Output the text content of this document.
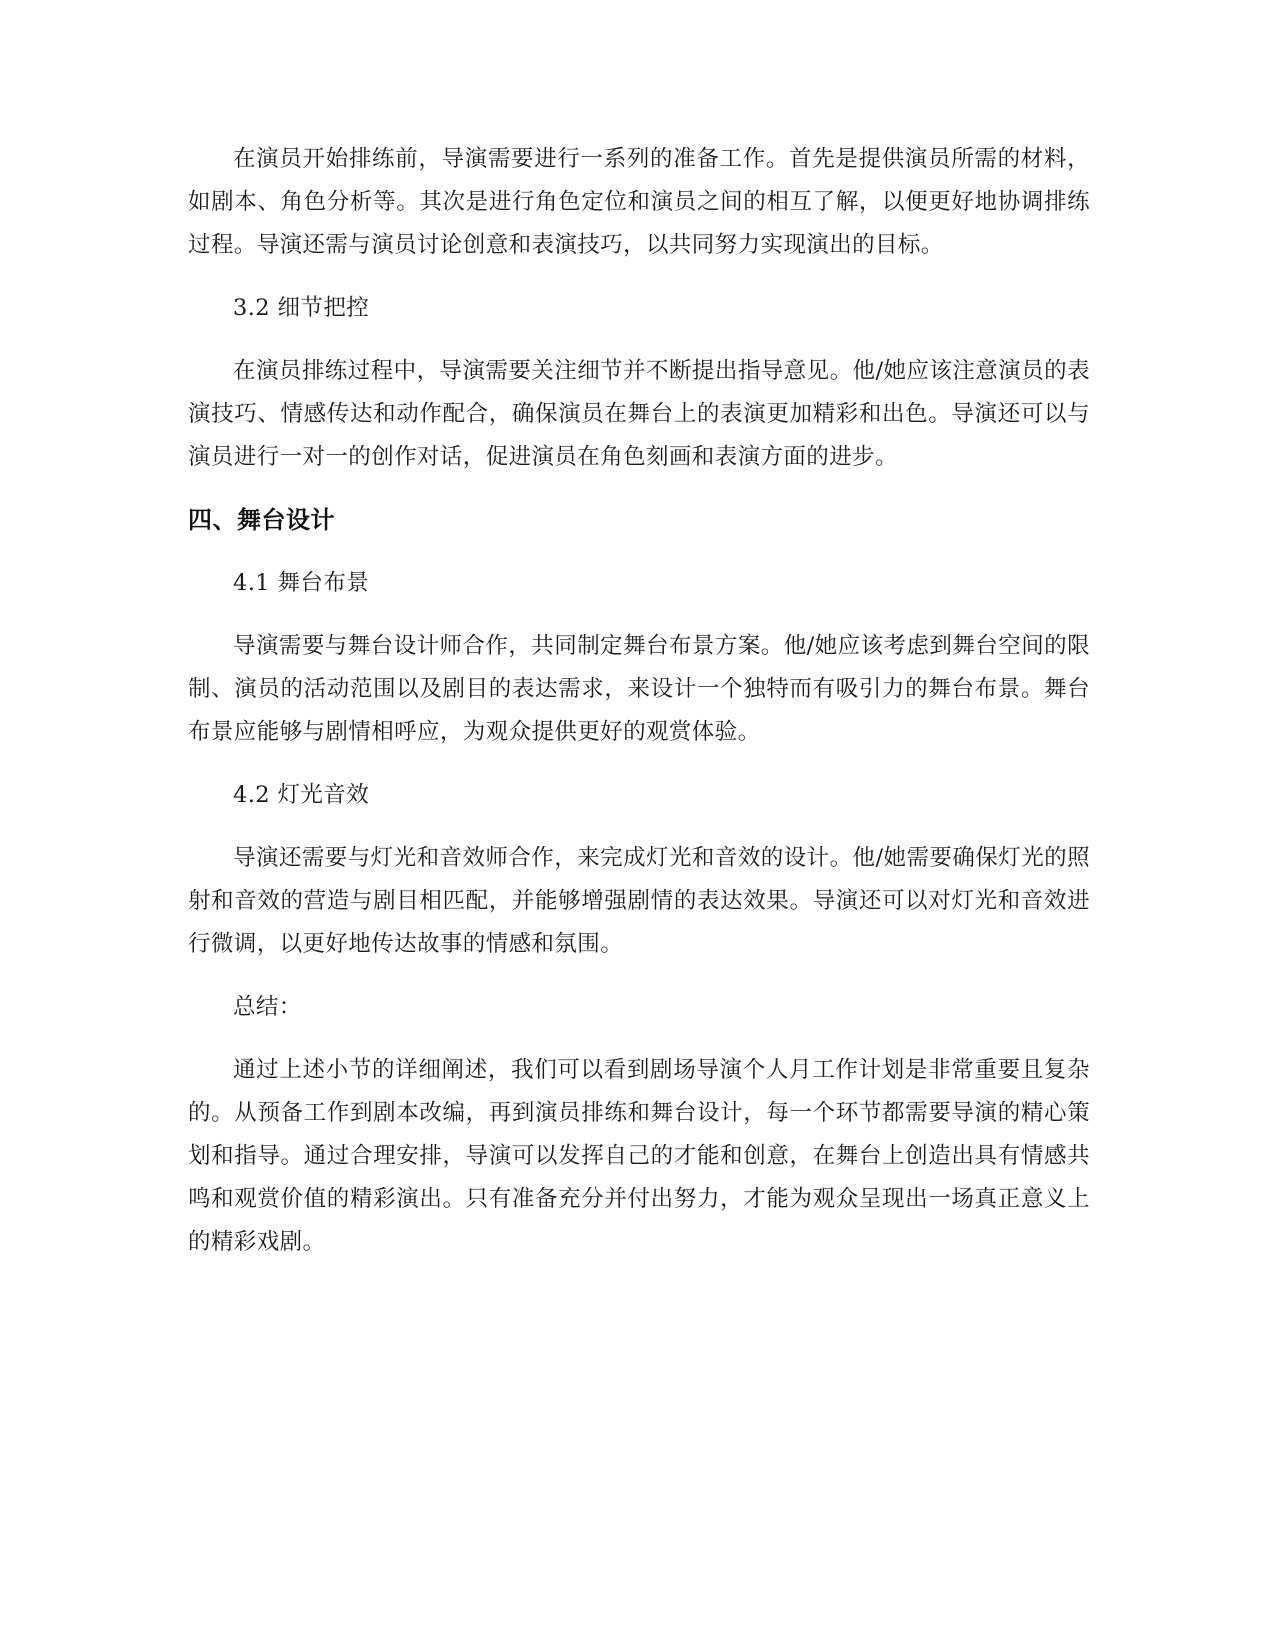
在演员开始排练前，导演需要进行一系列的准备工作。首先是提供演员所需的材料，如剧本、角色分析等。其次是进行角色定位和演员之间的相互了解，以便更好地协调排练过程。导演还需与演员讨论创意和表演技巧，以共同努力实现演出的目标。

3.2 细节把控

在演员排练过程中，导演需要关注细节并不断提出指导意见。他/她应该注意演员的表演技巧、情感传达和动作配合，确保演员在舞台上的表演更加精彩和出色。导演还可以与演员进行一对一的创作对话，促进演员在角色刻画和表演方面的进步。

四、舞台设计

4.1 舞台布景

导演需要与舞台设计师合作，共同制定舞台布景方案。他/她应该考虑到舞台空间的限制、演员的活动范围以及剧目的表达需求，来设计一个独特而有吸引力的舞台布景。舞台布景应能够与剧情相呼应，为观众提供更好的观赏体验。

4.2 灯光音效

导演还需要与灯光和音效师合作，来完成灯光和音效的设计。他/她需要确保灯光的照射和音效的营造与剧目相匹配，并能够增强剧情的表达效果。导演还可以对灯光和音效进行微调，以更好地传达故事的情感和氛围。

总结：

通过上述小节的详细阐述，我们可以看到剧场导演个人月工作计划是非常重要且复杂的。从预备工作到剧本改编，再到演员排练和舞台设计，每一个环节都需要导演的精心策划和指导。通过合理安排，导演可以发挥自己的才能和创意，在舞台上创造出具有情感共鸣和观赏价值的精彩演出。只有准备充分并付出努力，才能为观众呈现出一场真正意义上的精彩戏剧。
